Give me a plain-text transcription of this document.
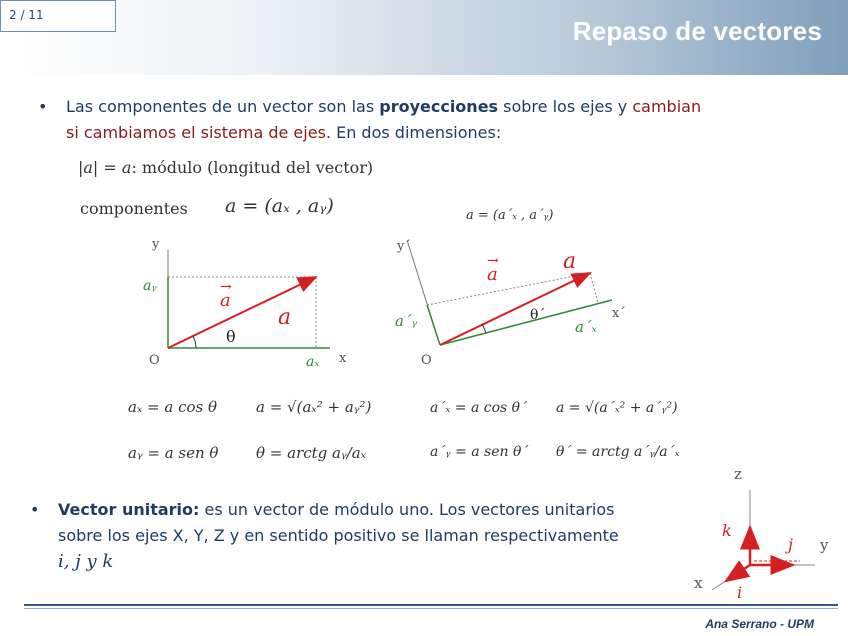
2 / 11
Repaso de vectores
• Las componentes de un vector son las proyecciones sobre los ejes y cambian
si cambiamos el sistema de ejes. En dos dimensiones:
|a| = a: módulo (longitud del vector)
componentes a = (aₓ , aᵧ)	a = (a´ₓ , a´ᵧ)
y
x
O
aᵧ
aₓ
a
→
a
θ
y´
x´
O
a´ᵧ	a´ₓ
a
→	a
θ´
z
y
x
k
j
i
aₓ = a cos θ
aᵧ = a sen θ
a = √(aₓ² + aᵧ²)
θ = arctg aᵧ/aₓ
a´ₓ = a cos θ´
a´ᵧ = a sen θ´
a = √(a´ₓ² + a´ᵧ²)
θ´ = arctg a´ᵧ/a´ₓ
• Vector unitario: es un vector de módulo uno. Los vectores unitarios
sobre los ejes X, Y, Z y en sentido positivo se llaman respectivamente
i, j y k
Ana Serrano - UPM
